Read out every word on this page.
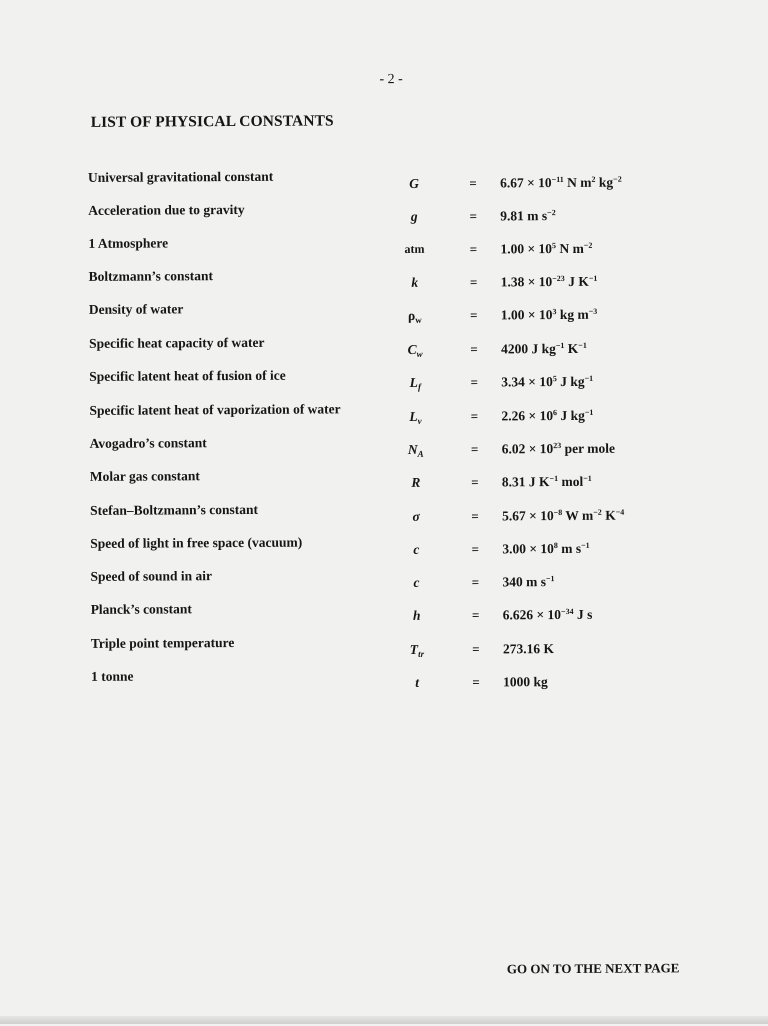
- 2 -
LIST OF PHYSICAL CONSTANTS
Universal gravitational constant	G	=	$6.67 \times 10^{-11}$ N $m^2$ $kg^{-2}$
Acceleration due to gravity	g	=	9.81 m $s^{-2}$
1 Atmosphere	atm	=	$1.00 \times 10^5$ N $m^{-2}$
Boltzmann’s constant	k	=	$1.38 \times 10^{-23}$ J $K^{-1}$
Density of water	$\rho_w$	=	$1.00 \times 10^3$ kg $m^{-3}$
Specific heat capacity of water	$C_w$	=	4200 J $kg^{-1}$ $K^{-1}$
Specific latent heat of fusion of ice	$L_f$	=	$3.34 \times 10^5$ J $kg^{-1}$
Specific latent heat of vaporization of water	$L_v$	=	$2.26 \times 10^6$ J $kg^{-1}$
Avogadro’s constant	$N_A$	=	$6.02 \times 10^{23}$ per mole
Molar gas constant	R	=	8.31 J $K^{-1}$ mol$^{-1}$
Stefan–Boltzmann’s constant	σ	=	$5.67 \times 10^{-8}$ W $m^{-2}$ $K^{-4}$
Speed of light in free space (vacuum)	c	=	$3.00 \times 10^8$ m $s^{-1}$
Speed of sound in air	c	=	340 m $s^{-1}$
Planck’s constant	h	=	$6.626 \times 10^{-34}$ J s
Triple point temperature	$T_{tr}$	=	273.16 K
1 tonne	t	=	1000 kg
GO ON TO THE NEXT PAGE
